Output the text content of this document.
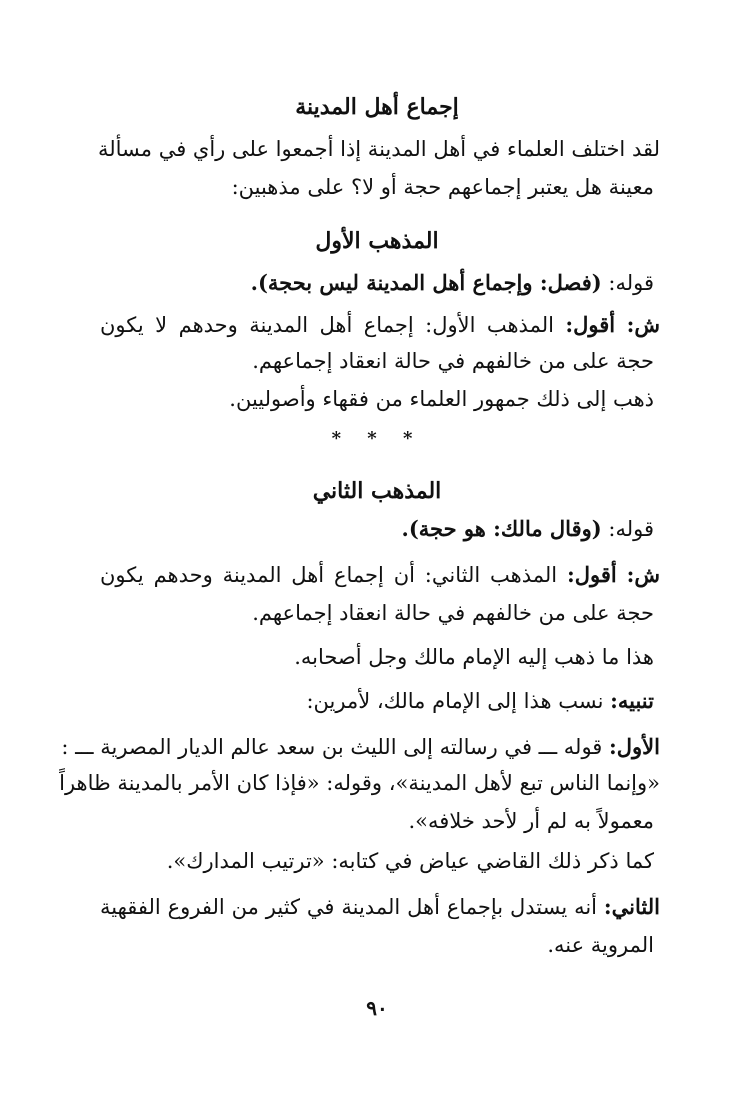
إجماع أهل المدينة
لقد اختلف العلماء في أهل المدينة إذا أجمعوا على رأي في مسألة
معينة هل يعتبر إجماعهم حجة أو لا؟ على مذهبين:
المذهب الأول
قوله: (فصل: وإجماع أهل المدينة ليس بحجة).
ش: أقول: المذهب الأول: إجماع أهل المدينة وحدهم لا يكون
حجة على من خالفهم في حالة انعقاد إجماعهم.
ذهب إلى ذلك جمهور العلماء من فقهاء وأصوليين.
* * *
المذهب الثاني
قوله: (وقال مالك: هو حجة).
ش: أقول: المذهب الثاني: أن إجماع أهل المدينة وحدهم يكون
حجة على من خالفهم في حالة انعقاد إجماعهم.
هذا ما ذهب إليه الإمام مالك وجل أصحابه.
تنبيه: نسب هذا إلى الإمام مالك، لأمرين:
الأول: قوله ـــ في رسالته إلى الليث بن سعد عالم الديار المصرية ـــ :
«وإنما الناس تبع لأهل المدينة»، وقوله: «فإذا كان الأمر بالمدينة ظاهراً
معمولاً به لم أر لأحد خلافه».
كما ذكر ذلك القاضي عياض في كتابه: «ترتيب المدارك».
الثاني: أنه يستدل بإجماع أهل المدينة في كثير من الفروع الفقهية
المروية عنه.
٩٠
